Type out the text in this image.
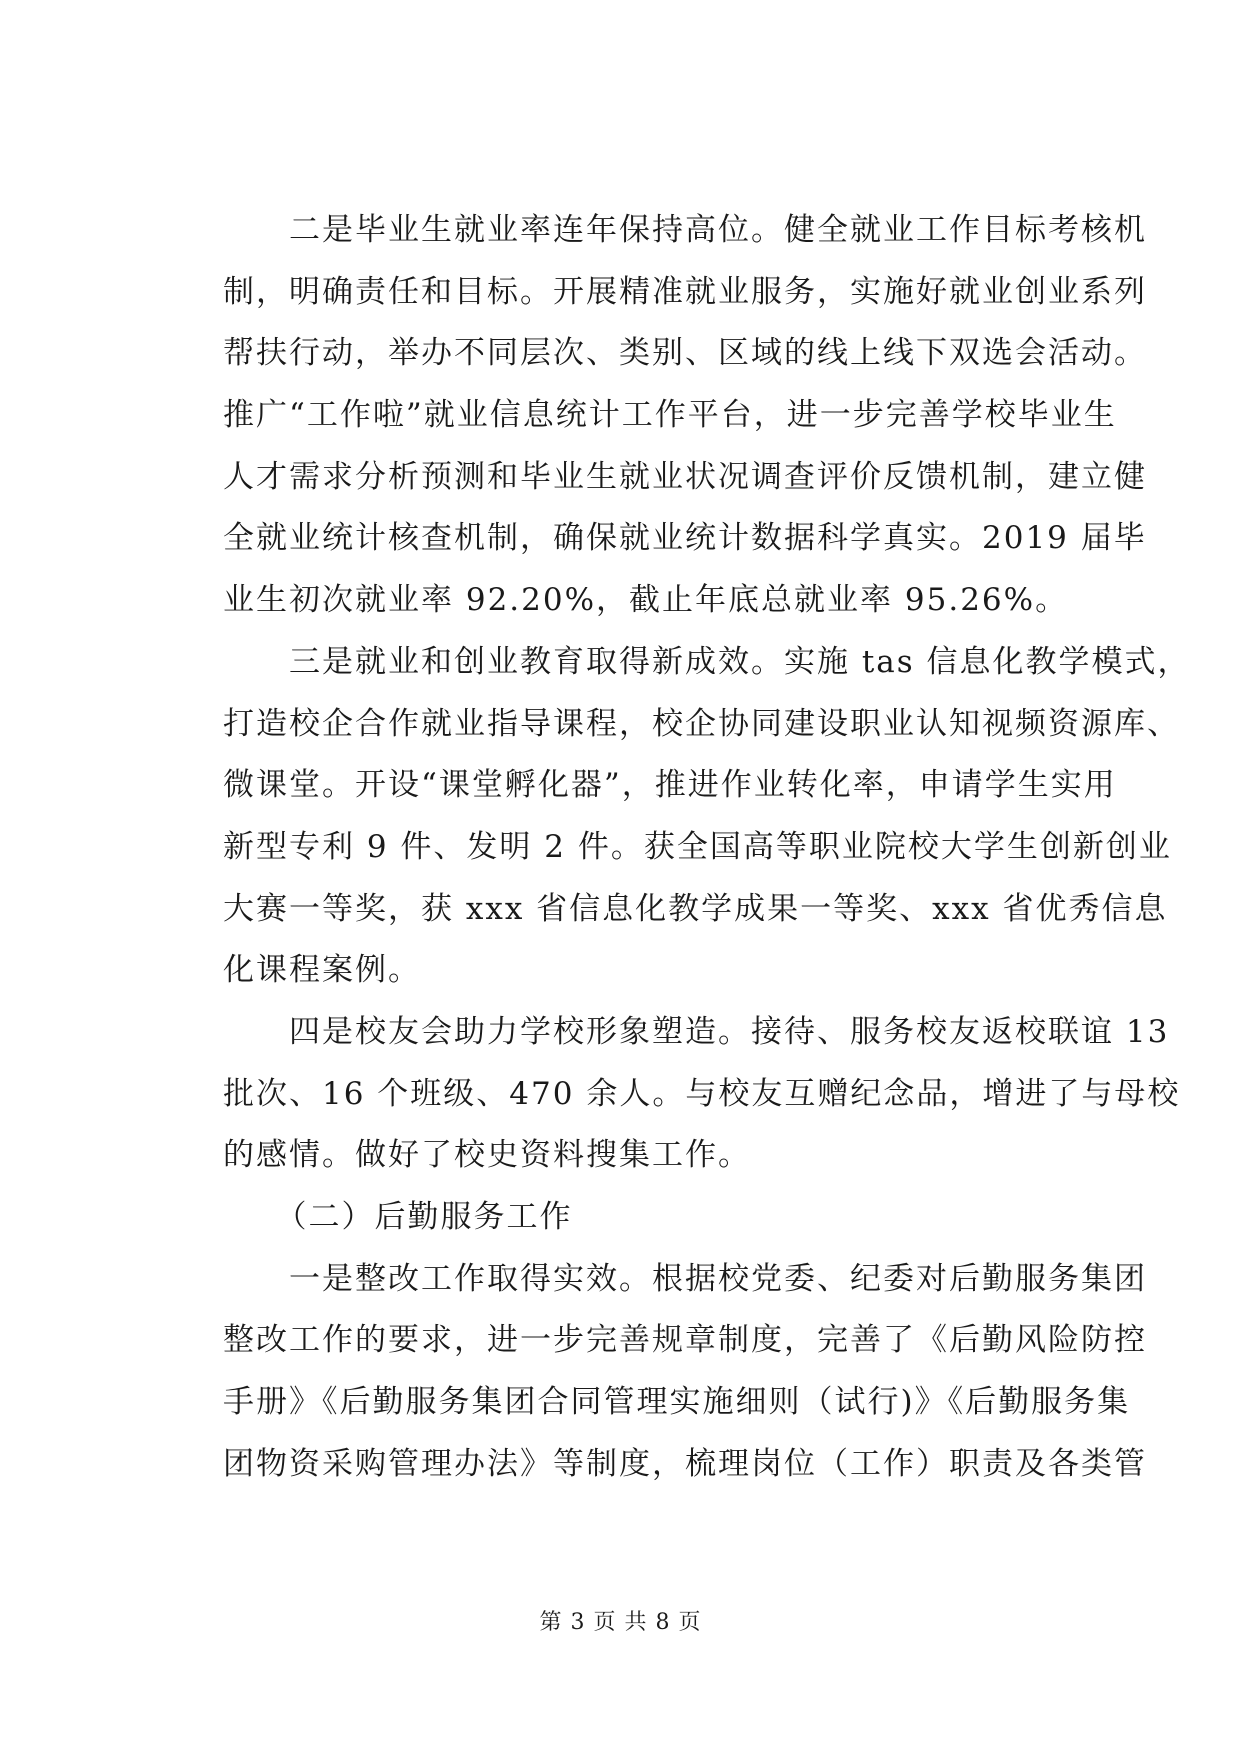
　　二是毕业生就业率连年保持高位。健全就业工作目标考核机

制，明确责任和目标。开展精准就业服务，实施好就业创业系列

帮扶行动，举办不同层次、类别、区域的线上线下双选会活动。

推广“工作啦”就业信息统计工作平台，进一步完善学校毕业生

人才需求分析预测和毕业生就业状况调查评价反馈机制，建立健

全就业统计核查机制，确保就业统计数据科学真实。2019 届毕

业生初次就业率 92.20%，截止年底总就业率 95.26%。

　　三是就业和创业教育取得新成效。实施 tas 信息化教学模式，

打造校企合作就业指导课程，校企协同建设职业认知视频资源库、

微课堂。开设“课堂孵化器”，推进作业转化率，申请学生实用

新型专利 9 件、发明 2 件。获全国高等职业院校大学生创新创业

大赛一等奖，获 xxx 省信息化教学成果一等奖、xxx 省优秀信息

化课程案例。

　　四是校友会助力学校形象塑造。接待、服务校友返校联谊 13

批次、16 个班级、470 余人。与校友互赠纪念品，增进了与母校

的感情。做好了校史资料搜集工作。

　　（二）后勤服务工作

　　一是整改工作取得实效。根据校党委、纪委对后勤服务集团

整改工作的要求，进一步完善规章制度，完善了《后勤风险防控

手册》《后勤服务集团合同管理实施细则（试行)》《后勤服务集

团物资采购管理办法》等制度，梳理岗位（工作）职责及各类管

第 3 页 共 8 页
